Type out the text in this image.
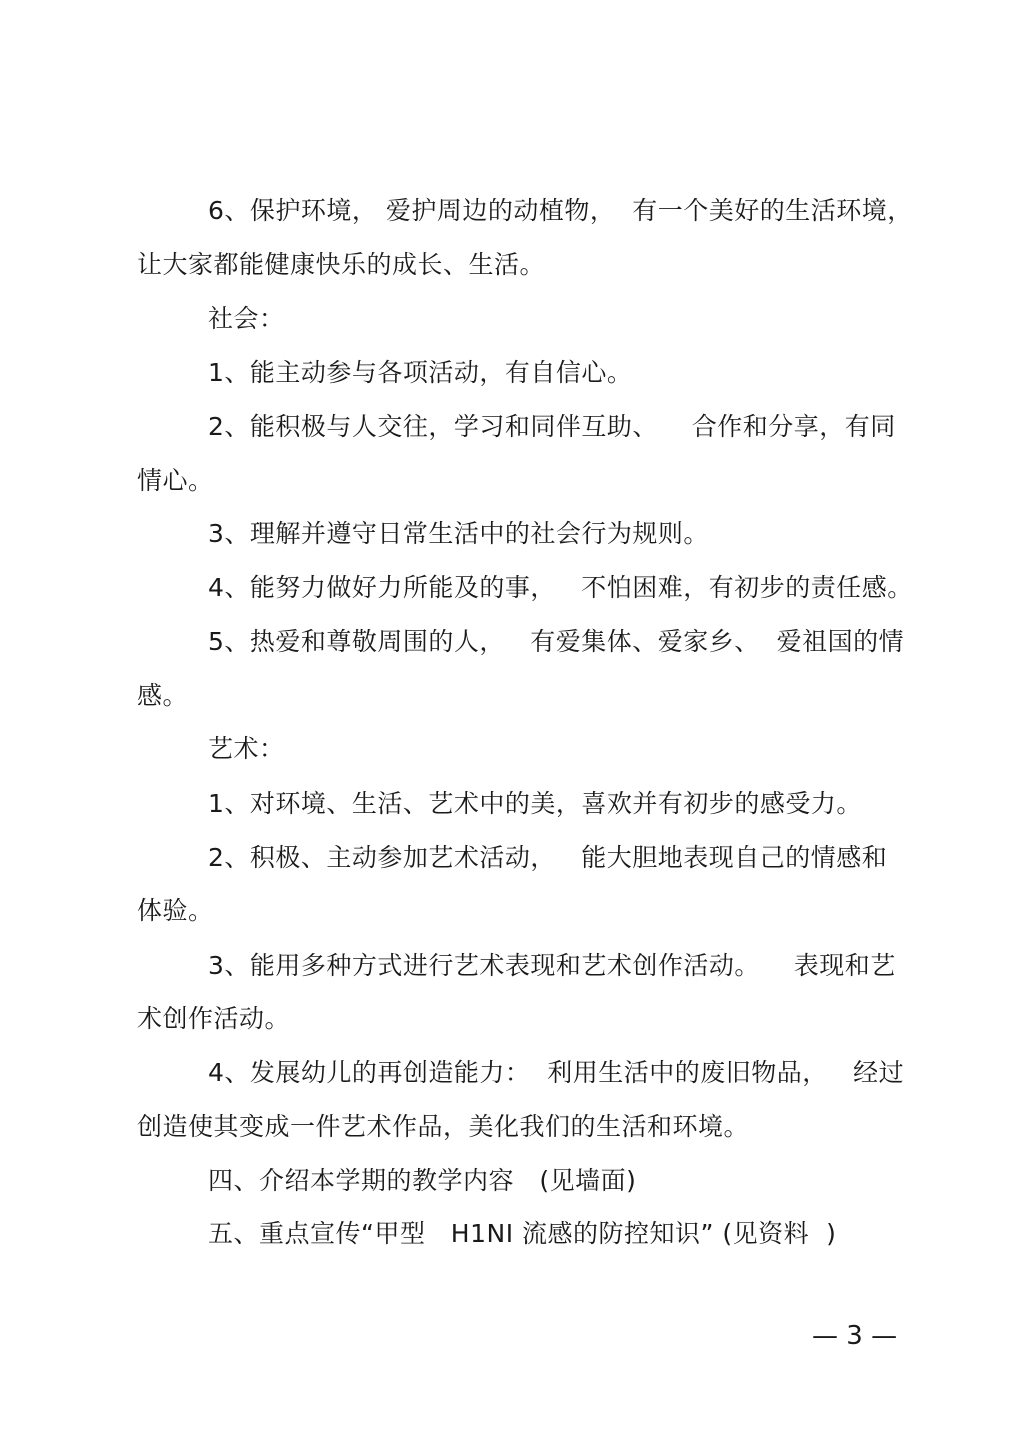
6、保护环境， 爱护周边的动植物，  有一个美好的生活环境，
让大家都能健康快乐的成长、生活。
社会：
1、能主动参与各项活动，有自信心。
2、能积极与人交往，学习和同伴互助、    合作和分享，有同
情心。
3、理解并遵守日常生活中的社会行为规则。
4、能努力做好力所能及的事，   不怕困难，有初步的责任感。
5、热爱和尊敬周围的人，   有爱集体、爱家乡、  爱祖国的情
感。
艺术：
1、对环境、生活、艺术中的美，喜欢并有初步的感受力。
2、积极、主动参加艺术活动，   能大胆地表现自己的情感和
体验。
3、能用多种方式进行艺术表现和艺术创作活动。    表现和艺
术创作活动。
4、发展幼儿的再创造能力：  利用生活中的废旧物品，   经过
创造使其变成一件艺术作品，美化我们的生活和环境。
四、介绍本学期的教学内容   (见墙面)
五、重点宣传“甲型   H1NI 流感的防控知识” (见资料  )
— 3 —
